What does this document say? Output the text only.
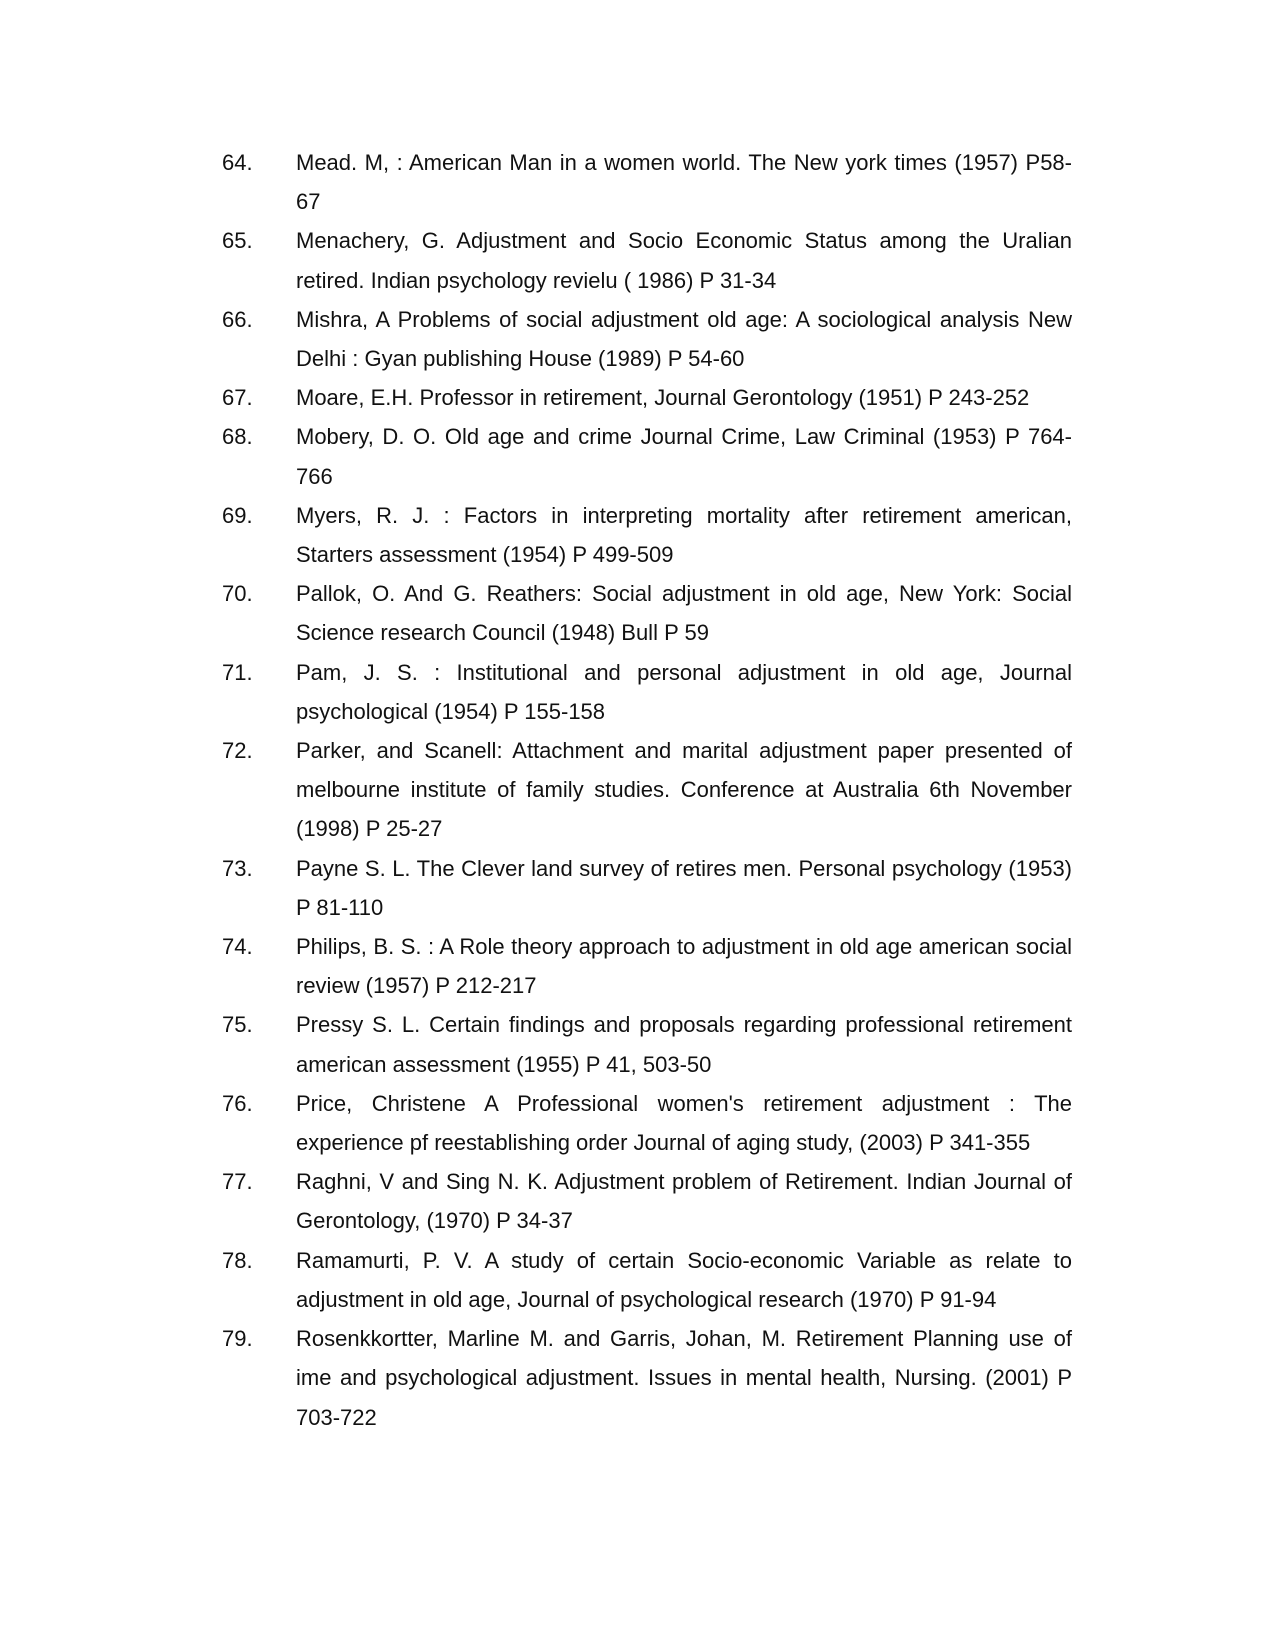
64.	Mead. M, : American Man in a women world. The New york times (1957) P58-67
65.	Menachery, G. Adjustment and Socio Economic Status among the Uralian retired. Indian psychology revielu ( 1986) P 31-34
66.	Mishra, A Problems of social adjustment old age: A sociological analysis New Delhi : Gyan publishing House (1989) P 54-60
67.	Moare, E.H. Professor in retirement, Journal Gerontology (1951) P 243-252
68.	Mobery, D. O. Old age and crime Journal Crime, Law Criminal (1953) P 764-766
69.	Myers, R. J. : Factors in interpreting mortality after retirement american, Starters assessment (1954) P 499-509
70.	Pallok, O. And G. Reathers: Social adjustment in old age, New York: Social Science research Council (1948) Bull P 59
71.	Pam, J. S. : Institutional and personal adjustment in old age, Journal psychological (1954) P 155-158
72.	Parker, and Scanell: Attachment and marital adjustment paper presented of melbourne institute of family studies. Conference at Australia 6th November (1998) P 25-27
73.	Payne S. L. The Clever land survey of retires men. Personal psychology (1953) P 81-110
74.	Philips, B. S. : A Role theory approach to adjustment in old age american social review (1957) P 212-217
75.	Pressy S. L. Certain findings and proposals regarding professional retirement american assessment (1955) P 41, 503-50
76.	Price, Christene A Professional women's retirement adjustment : The experience pf reestablishing order Journal of aging study, (2003) P 341-355
77.	Raghni, V and Sing N. K. Adjustment problem of Retirement. Indian Journal of Gerontology, (1970) P 34-37
78.	Ramamurti, P. V. A study of certain Socio-economic Variable as relate to adjustment in old age, Journal of psychological research (1970) P 91-94
79.	Rosenkkortter, Marline M. and Garris, Johan, M. Retirement Planning use of ime and psychological adjustment. Issues in mental health, Nursing. (2001) P 703-722
